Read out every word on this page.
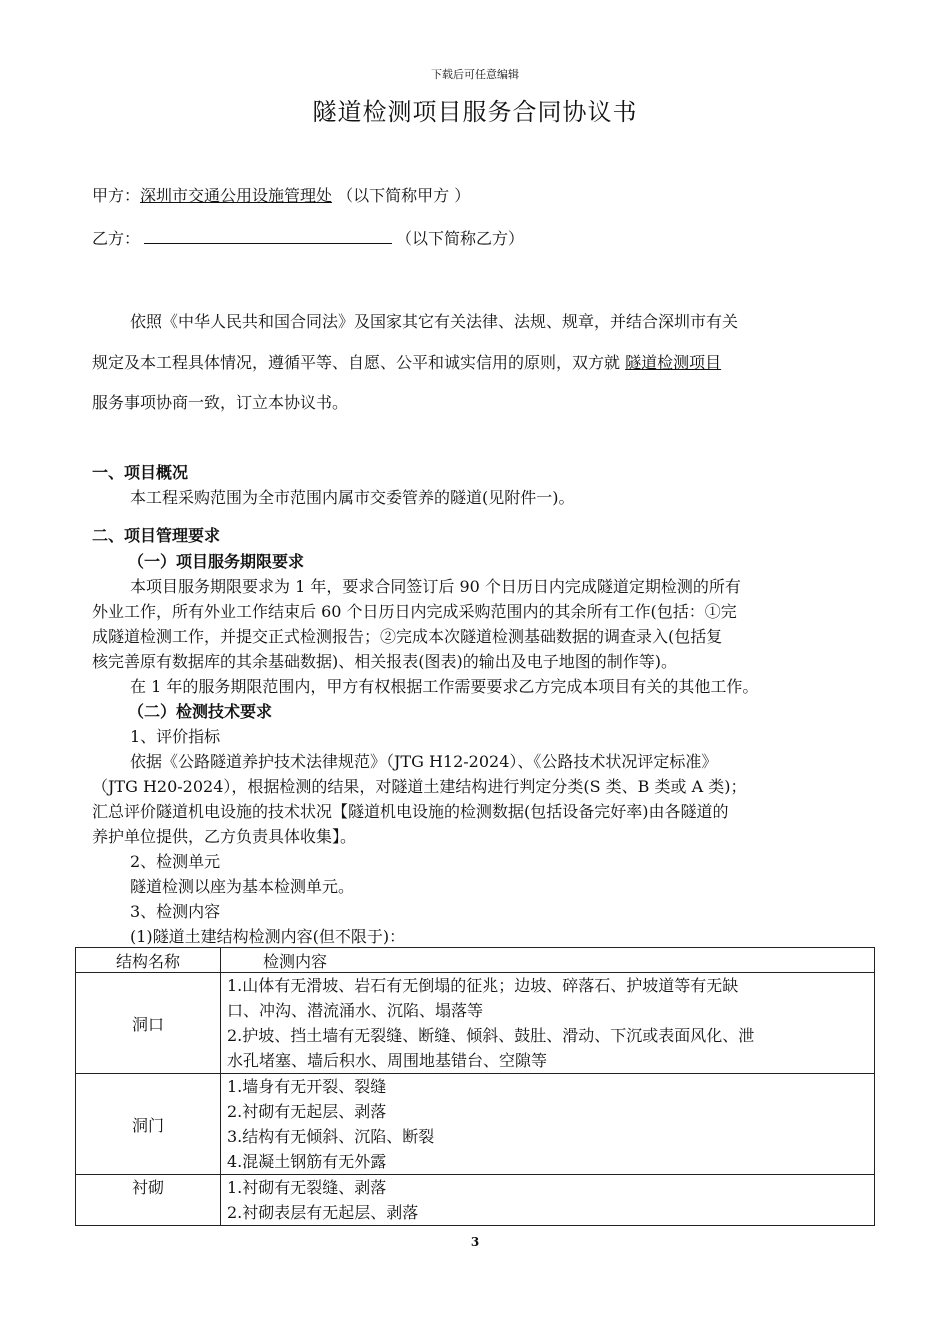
下载后可任意编辑
隧道检测项目服务合同协议书
甲方：深圳市交通公用设施管理处 （以下简称甲方 ）
乙方：	（以下简称乙方）
依照《中华人民共和国合同法》及国家其它有关法律、法规、规章，并结合深圳市有关
规定及本工程具体情况，遵循平等、自愿、公平和诚实信用的原则，双方就 隧道检测项目
服务事项协商一致，订立本协议书。
一、项目概况
本工程采购范围为全市范围内属市交委管养的隧道(见附件一)。
二、项目管理要求
（一）项目服务期限要求
本项目服务期限要求为 1 年，要求合同签订后 90 个日历日内完成隧道定期检测的所有
外业工作，所有外业工作结束后 60 个日历日内完成采购范围内的其余所有工作(包括：①完
成隧道检测工作，并提交正式检测报告；②完成本次隧道检测基础数据的调查录入(包括复
核完善原有数据库的其余基础数据)、相关报表(图表)的输出及电子地图的制作等)。
在 1 年的服务期限范围内，甲方有权根据工作需要要求乙方完成本项目有关的其他工作。
（二）检测技术要求
1、评价指标
依据《公路隧道养护技术法律规范》（JTG H12-2024）、《公路技术状况评定标准》
（JTG H20-2024），根据检测的结果，对隧道土建结构进行判定分类(S 类、B 类或 A 类)；
汇总评价隧道机电设施的技术状况【隧道机电设施的检测数据(包括设备完好率)由各隧道的
养护单位提供，乙方负责具体收集】。
2、检测单元
隧道检测以座为基本检测单元。
3、检测内容
(1)隧道土建结构检测内容(但不限于)：
结构名称	检测内容
洞口	1.山体有无滑坡、岩石有无倒塌的征兆；边坡、碎落石、护坡道等有无缺
口、冲沟、潜流涌水、沉陷、塌落等
2.护坡、挡土墙有无裂缝、断缝、倾斜、鼓肚、滑动、下沉或表面风化、泄
水孔堵塞、墙后积水、周围地基错台、空隙等

洞门	1.墙身有无开裂、裂缝
2.衬砌有无起层、剥落
3.结构有无倾斜、沉陷、断裂
4.混凝土钢筋有无外露

衬砌	1.衬砌有无裂缝、剥落
2.衬砌表层有无起层、剥落
3
